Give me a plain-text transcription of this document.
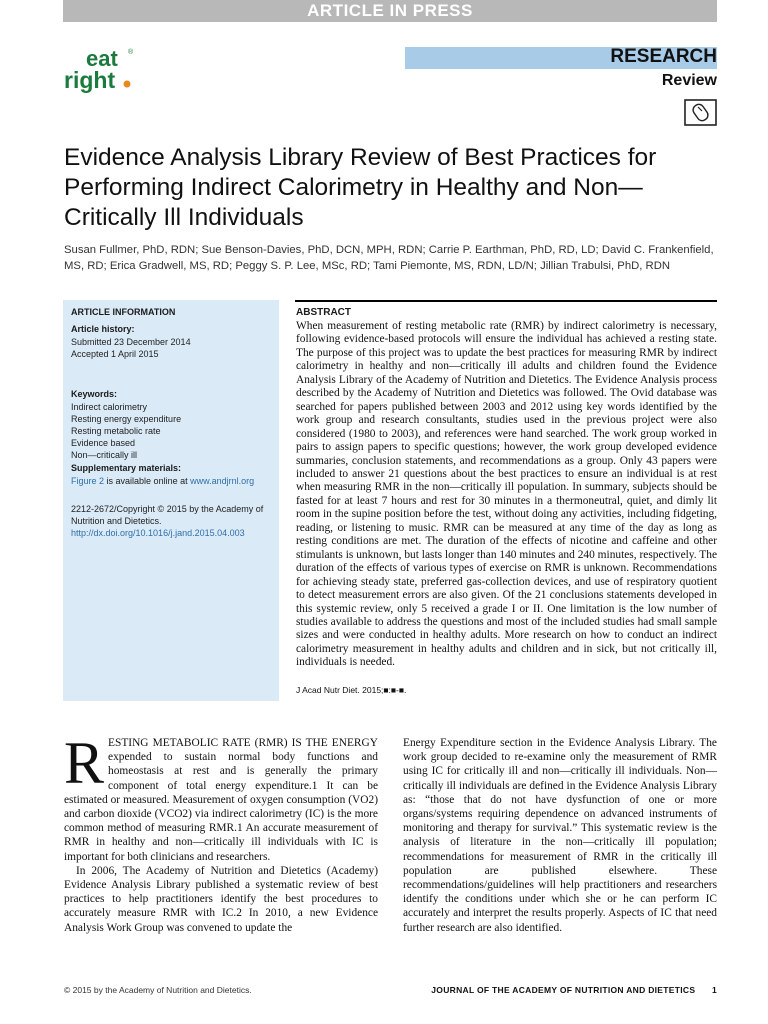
ARTICLE IN PRESS
eat ®
right
RESEARCH
Review
Evidence Analysis Library Review of Best Practices for Performing Indirect Calorimetry in Healthy and Non—Critically Ill Individuals
Susan Fullmer, PhD, RDN; Sue Benson-Davies, PhD, DCN, MPH, RDN; Carrie P. Earthman, PhD, RD, LD; David C. Frankenfield, MS, RD; Erica Gradwell, MS, RD; Peggy S. P. Lee, MSc, RD; Tami Piemonte, MS, RDN, LD/N; Jillian Trabulsi, PhD, RDN
ARTICLE INFORMATION
Article history:
Submitted 23 December 2014
Accepted 1 April 2015
Keywords:
Indirect calorimetry
Resting energy expenditure
Resting metabolic rate
Evidence based
Non—critically ill
Supplementary materials:
Figure 2 is available online at www.andjrnl.org
2212-2672/Copyright © 2015 by the Academy of Nutrition and Dietetics.
http://dx.doi.org/10.1016/j.jand.2015.04.003
ABSTRACT

When measurement of resting metabolic rate (RMR) by indirect calorimetry is necessary, following evidence-based protocols will ensure the individual has achieved a resting state. The purpose of this project was to update the best practices for measuring RMR by indirect calorimetry in healthy and non—critically ill adults and children found the Evidence Analysis Library of the Academy of Nutrition and Dietetics. The Evidence Analysis process described by the Academy of Nutrition and Dietetics was followed. The Ovid database was searched for papers published between 2003 and 2012 using key words identified by the work group and research consultants, studies used in the previous project were also considered (1980 to 2003), and references were hand searched. The work group worked in pairs to assign papers to specific questions; however, the work group developed evidence summaries, conclusion statements, and recommendations as a group. Only 43 papers were included to answer 21 questions about the best practices to ensure an individual is at rest when measuring RMR in the non—critically ill population. In summary, subjects should be fasted for at least 7 hours and rest for 30 minutes in a thermoneutral, quiet, and dimly lit room in the supine position before the test, without doing any activities, including fidgeting, reading, or listening to music. RMR can be measured at any time of the day as long as resting conditions are met. The duration of the effects of nicotine and caffeine and other stimulants is unknown, but lasts longer than 140 minutes and 240 minutes, respectively. The duration of the effects of various types of exercise on RMR is unknown. Recommendations for achieving steady state, preferred gas-collection devices, and use of respiratory quotient to detect measurement errors are also given. Of the 21 conclusions statements developed in this systemic review, only 5 received a grade I or II. One limitation is the low number of studies available to address the questions and most of the included studies had small sample sizes and were conducted in healthy adults. More research on how to conduct an indirect calorimetry measurement in healthy adults and children and in sick, but not critically ill, individuals is needed.

J Acad Nutr Diet. 2015;■:■-■.
R ESTING METABOLIC RATE (RMR) IS THE ENERGY expended to sustain normal body functions and homeostasis at rest and is generally the primary component of total energy expenditure.1 It can be estimated or measured. Measurement of oxygen consumption (VO2) and carbon dioxide (VCO2) via indirect calorimetry (IC) is the more common method of measuring RMR.1 An accurate measurement of RMR in healthy and non—critically ill individuals with IC is important for both clinicians and researchers.

In 2006, The Academy of Nutrition and Dietetics (Academy) Evidence Analysis Library published a systematic review of best practices to help practitioners identify the best procedures to accurately measure RMR with IC.2 In 2010, a new Evidence Analysis Work Group was convened to update the

Energy Expenditure section in the Evidence Analysis Library. The work group decided to re-examine only the measurement of RMR using IC for critically ill and non—critically ill individuals. Non—critically ill individuals are defined in the Evidence Analysis Library as: “those that do not have dysfunction of one or more organs/systems requiring dependence on advanced instruments of monitoring and therapy for survival.” This systematic review is the analysis of literature in the non—critically ill population; recommendations for measurement of RMR in the critically ill population are published elsewhere. These recommendations/guidelines will help practitioners and researchers identify the conditions under which she or he can perform IC accurately and interpret the results properly. Aspects of IC that need further research are also identified.

© 2015 by the Academy of Nutrition and Dietetics.	JOURNAL OF THE ACADEMY OF NUTRITION AND DIETETICS 1
